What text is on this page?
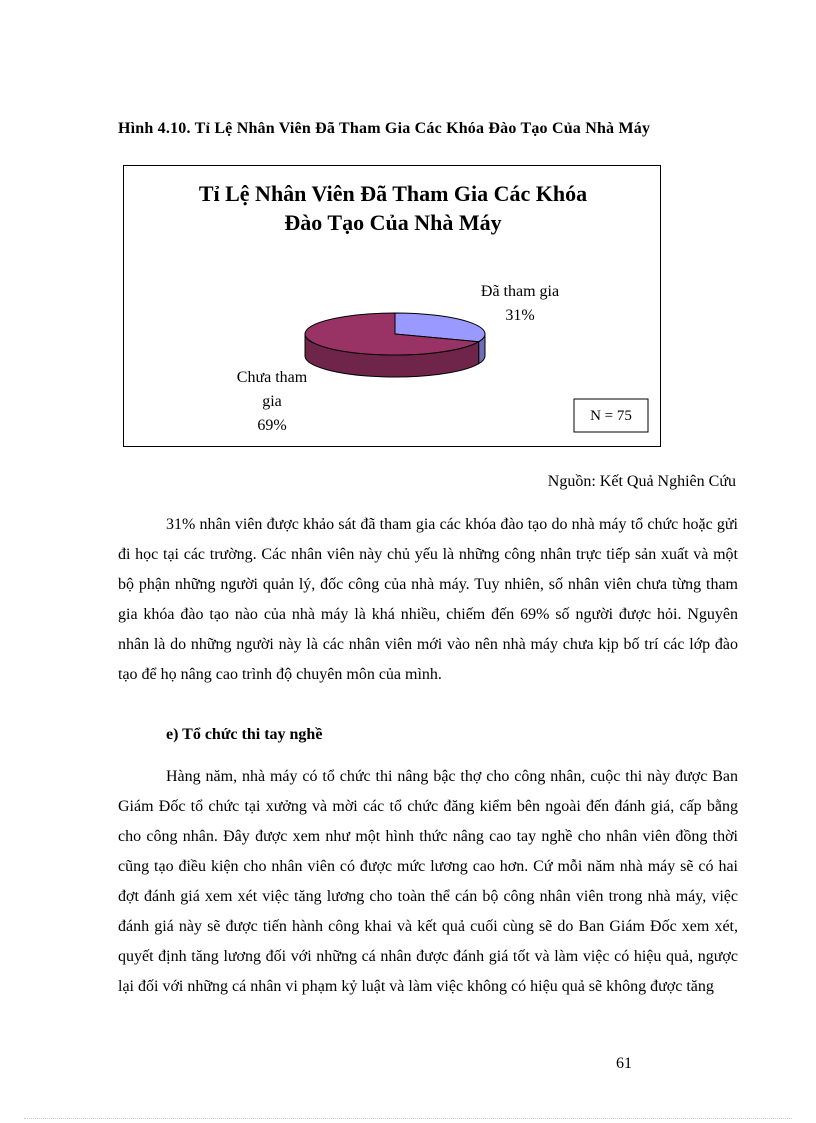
Hình 4.10. Tỉ Lệ Nhân Viên Đã Tham Gia Các Khóa Đào Tạo Của Nhà Máy
Tỉ Lệ Nhân Viên Đã Tham Gia Các Khóa
Đào Tạo Của Nhà Máy
Đã tham gia
31%
Chưa tham
gia
69%
N = 75
Nguồn: Kết Quả Nghiên Cứu

31% nhân viên được khảo sát đã tham gia các khóa đào tạo do nhà máy tổ chức hoặc gửi đi học tại các trường. Các nhân viên này chủ yếu là những công nhân trực tiếp sản xuất và một bộ phận những người quản lý, đốc công của nhà máy. Tuy nhiên, số nhân viên chưa từng tham gia khóa đào tạo nào của nhà máy là khá nhiều, chiếm đến 69% số người được hỏi. Nguyên nhân là do những người này là các nhân viên mới vào nên nhà máy chưa kịp bố trí các lớp đào tạo để họ nâng cao trình độ chuyên môn của mình.

e) Tổ chức thi tay nghề

Hàng năm, nhà máy có tổ chức thi nâng bậc thợ cho công nhân, cuộc thi này được Ban Giám Đốc tổ chức tại xưởng và mời các tổ chức đăng kiểm bên ngoài đến đánh giá, cấp bằng cho công nhân. Đây được xem như một hình thức nâng cao tay nghề cho nhân viên đồng thời cũng tạo điều kiện cho nhân viên có được mức lương cao hơn. Cứ mỗi năm nhà máy sẽ có hai đợt đánh giá xem xét việc tăng lương cho toàn thể cán bộ công nhân viên trong nhà máy, việc đánh giá này sẽ được tiến hành công khai và kết quả cuối cùng sẽ do Ban Giám Đốc xem xét, quyết định tăng lương đối với những cá nhân được đánh giá tốt và làm việc có hiệu quả, ngược lại đối với những cá nhân vi phạm kỷ luật và làm việc không có hiệu quả sẽ không được tăng

61
